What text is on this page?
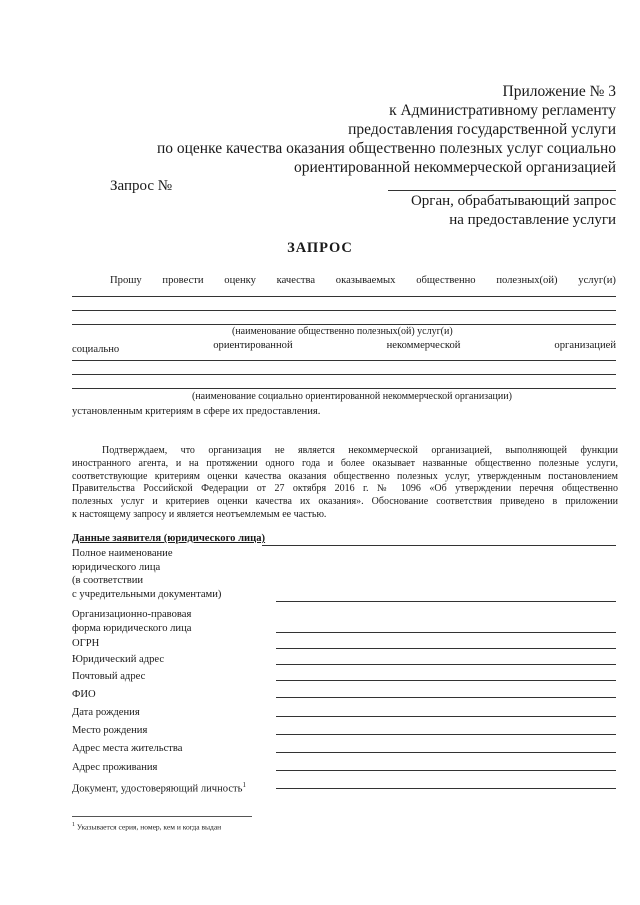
Приложение № 3
к Административному регламенту
предоставления государственной услуги
по оценке качества оказания общественно полезных услуг социально
ориентированной некоммерческой организацией
Запрос №
Орган, обрабатывающий запрос
на предоставление услуги
ЗАПРОС
Прошу провести оценку качества оказываемых общественно полезных(ой) услуг(и)
(наименование общественно полезных(ой) услуг(и)
социально	ориентированной	некоммерческой	организацией
(наименование социально ориентированной некоммерческой организации)
установленным критериям в сфере их предоставления.
Подтверждаем, что организация не является некоммерческой организацией, выполняющей функции
иностранного агента, и на протяжении одного года и более оказывает названные общественно полезные услуги,
соответствующие критериям оценки качества оказания общественно полезных услуг, утвержденным постановлением
Правительства Российской Федерации от 27 октября 2016 г. № 1096 «Об утверждении перечня общественно
полезных услуг и критериев оценки качества их оказания». Обоснование соответствия приведено в приложении
к настоящему запросу и является неотъемлемым ее частью.
Данные заявителя (юридического лица)
Полное наименование
юридического лица
(в соответствии
с учредительными документами)
Организационно-правовая
форма юридического лица
ОГРН
Юридический адрес
Почтовый адрес
ФИО
Дата рождения
Место рождения
Адрес места жительства
Адрес проживания
Документ, удостоверяющий личность$^1$
$^1$ Указывается серия, номер, кем и когда выдан
